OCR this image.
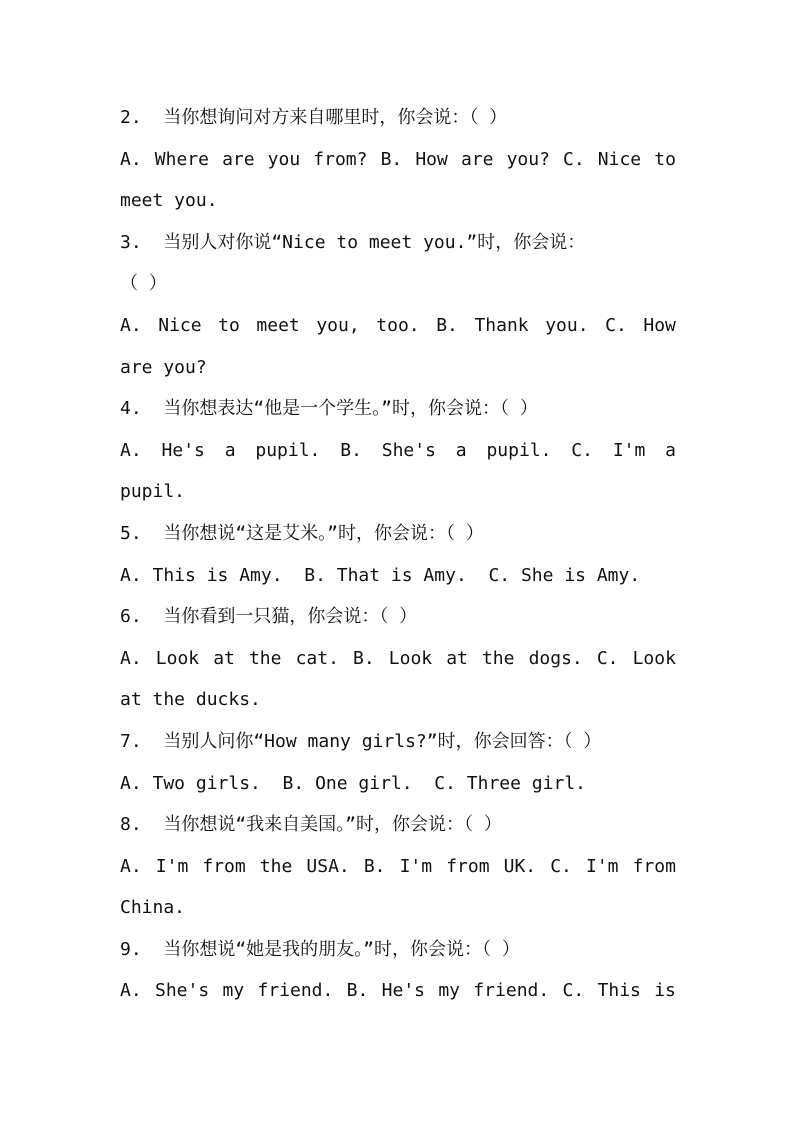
2.  当你想询问对方来自哪里时，你会说：（ ）
A. Where are you from? B. How are you? C. Nice to
meet you.
3.  当别人对你说“Nice to meet you.”时，你会说：
（ ）
A. Nice to meet you, too. B. Thank you. C. How
are you?
4.  当你想表达“他是一个学生。”时，你会说：（ ）
A. He's a pupil. B. She's a pupil. C. I'm a
pupil.
5.  当你想说“这是艾米。”时，你会说：（ ）
A. This is Amy.  B. That is Amy.  C. She is Amy.
6.  当你看到一只猫，你会说：（ ）
A. Look at the cat. B. Look at the dogs. C. Look
at the ducks.
7.  当别人问你“How many girls?”时，你会回答：（ ）
A. Two girls.  B. One girl.  C. Three girl.
8.  当你想说“我来自美国。”时，你会说：（ ）
A. I'm from the USA. B. I'm from UK. C. I'm from
China.
9.  当你想说“她是我的朋友。”时，你会说：（ ）
A. She's my friend. B. He's my friend. C. This is
